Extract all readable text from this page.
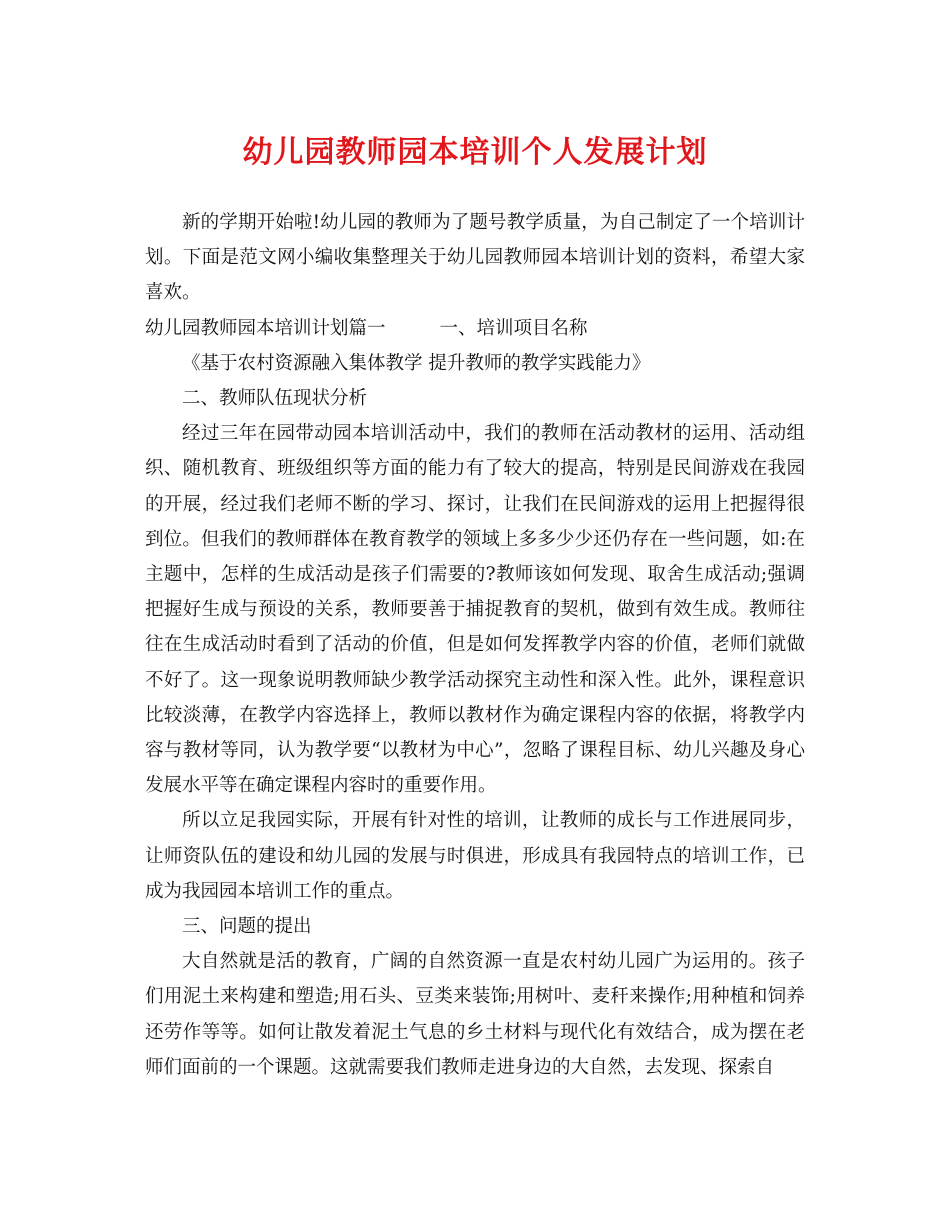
幼儿园教师园本培训个人发展计划

新的学期开始啦!幼儿园的教师为了题号教学质量，为自己制定了一个培训计划。下面是范文网小编收集整理关于幼儿园教师园本培训计划的资料，希望大家喜欢。

幼儿园教师园本培训计划篇一	一、培训项目名称

《基于农村资源融入集体教学 提升教师的教学实践能力》

二、教师队伍现状分析

经过三年在园带动园本培训活动中，我们的教师在活动教材的运用、活动组织、随机教育、班级组织等方面的能力有了较大的提高，特别是民间游戏在我园的开展，经过我们老师不断的学习、探讨，让我们在民间游戏的运用上把握得很到位。但我们的教师群体在教育教学的领域上多多少少还仍存在一些问题，如:在主题中，怎样的生成活动是孩子们需要的?教师该如何发现、取舍生成活动;强调把握好生成与预设的关系，教师要善于捕捉教育的契机，做到有效生成。教师往往在生成活动时看到了活动的价值，但是如何发挥教学内容的价值，老师们就做不好了。这一现象说明教师缺少教学活动探究主动性和深入性。此外，课程意识比较淡薄，在教学内容选择上，教师以教材作为确定课程内容的依据，将教学内容与教材等同，认为教学要“以教材为中心”，忽略了课程目标、幼儿兴趣及身心发展水平等在确定课程内容时的重要作用。

所以立足我园实际，开展有针对性的培训，让教师的成长与工作进展同步，让师资队伍的建设和幼儿园的发展与时俱进，形成具有我园特点的培训工作，已成为我园园本培训工作的重点。

三、问题的提出

大自然就是活的教育，广阔的自然资源一直是农村幼儿园广为运用的。孩子们用泥土来构建和塑造;用石头、豆类来装饰;用树叶、麦秆来操作;用种植和饲养还劳作等等。如何让散发着泥土气息的乡土材料与现代化有效结合，成为摆在老师们面前的一个课题。这就需要我们教师走进身边的大自然，去发现、探索自
